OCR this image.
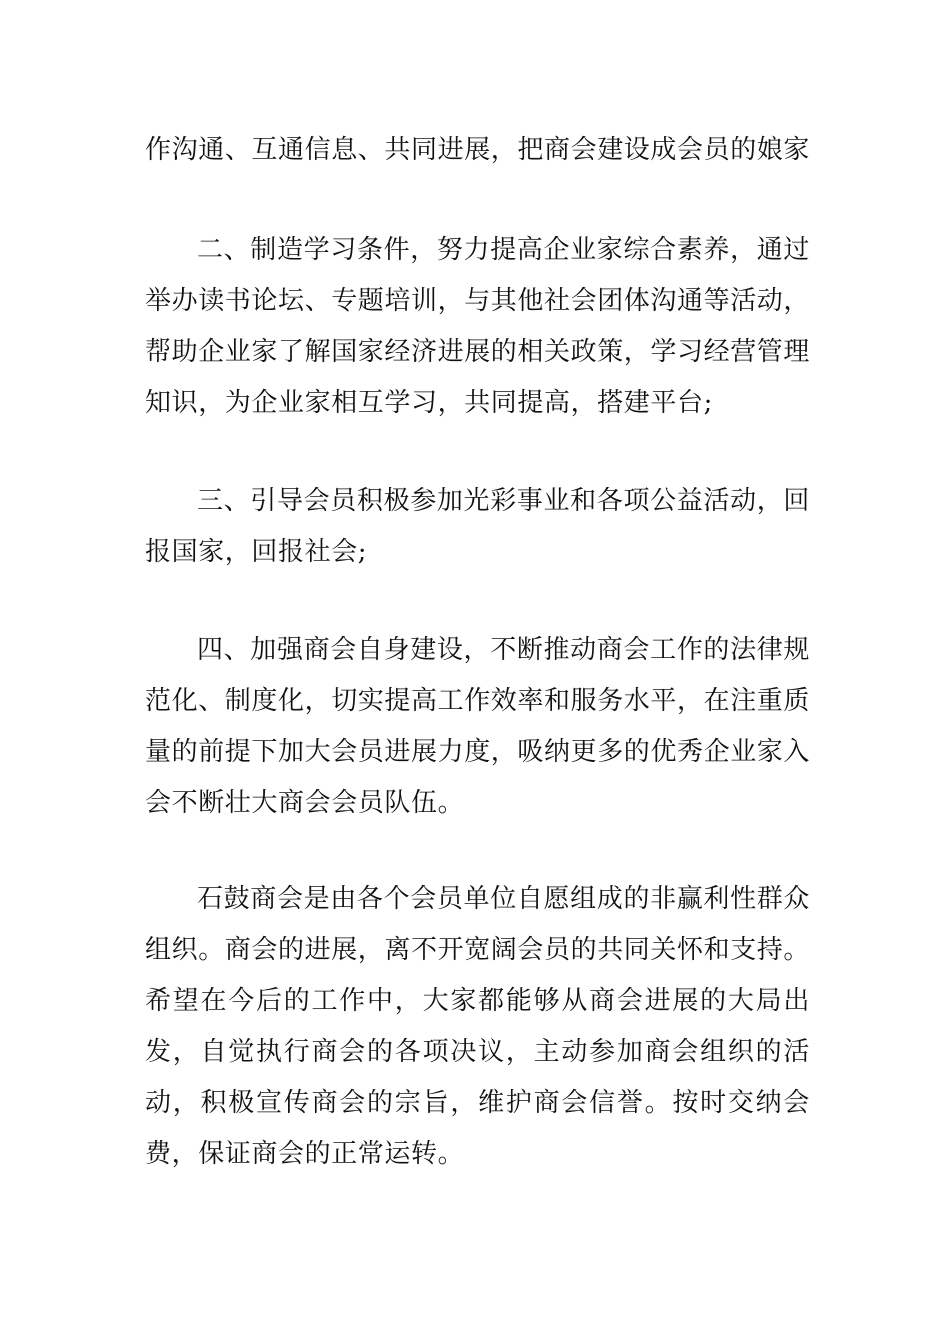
作沟通、互通信息、共同进展，把商会建设成会员的娘家

二、制造学习条件，努力提高企业家综合素养，通过举办读书论坛、专题培训，与其他社会团体沟通等活动，帮助企业家了解国家经济进展的相关政策，学习经营管理知识，为企业家相互学习，共同提高，搭建平台;

三、引导会员积极参加光彩事业和各项公益活动，回报国家，回报社会;

四、加强商会自身建设，不断推动商会工作的法律规范化、制度化，切实提高工作效率和服务水平，在注重质量的前提下加大会员进展力度，吸纳更多的优秀企业家入会不断壮大商会会员队伍。

石鼓商会是由各个会员单位自愿组成的非赢利性群众组织。商会的进展，离不开宽阔会员的共同关怀和支持。希望在今后的工作中，大家都能够从商会进展的大局出发，自觉执行商会的各项决议，主动参加商会组织的活动，积极宣传商会的宗旨，维护商会信誉。按时交纳会费，保证商会的正常运转。
